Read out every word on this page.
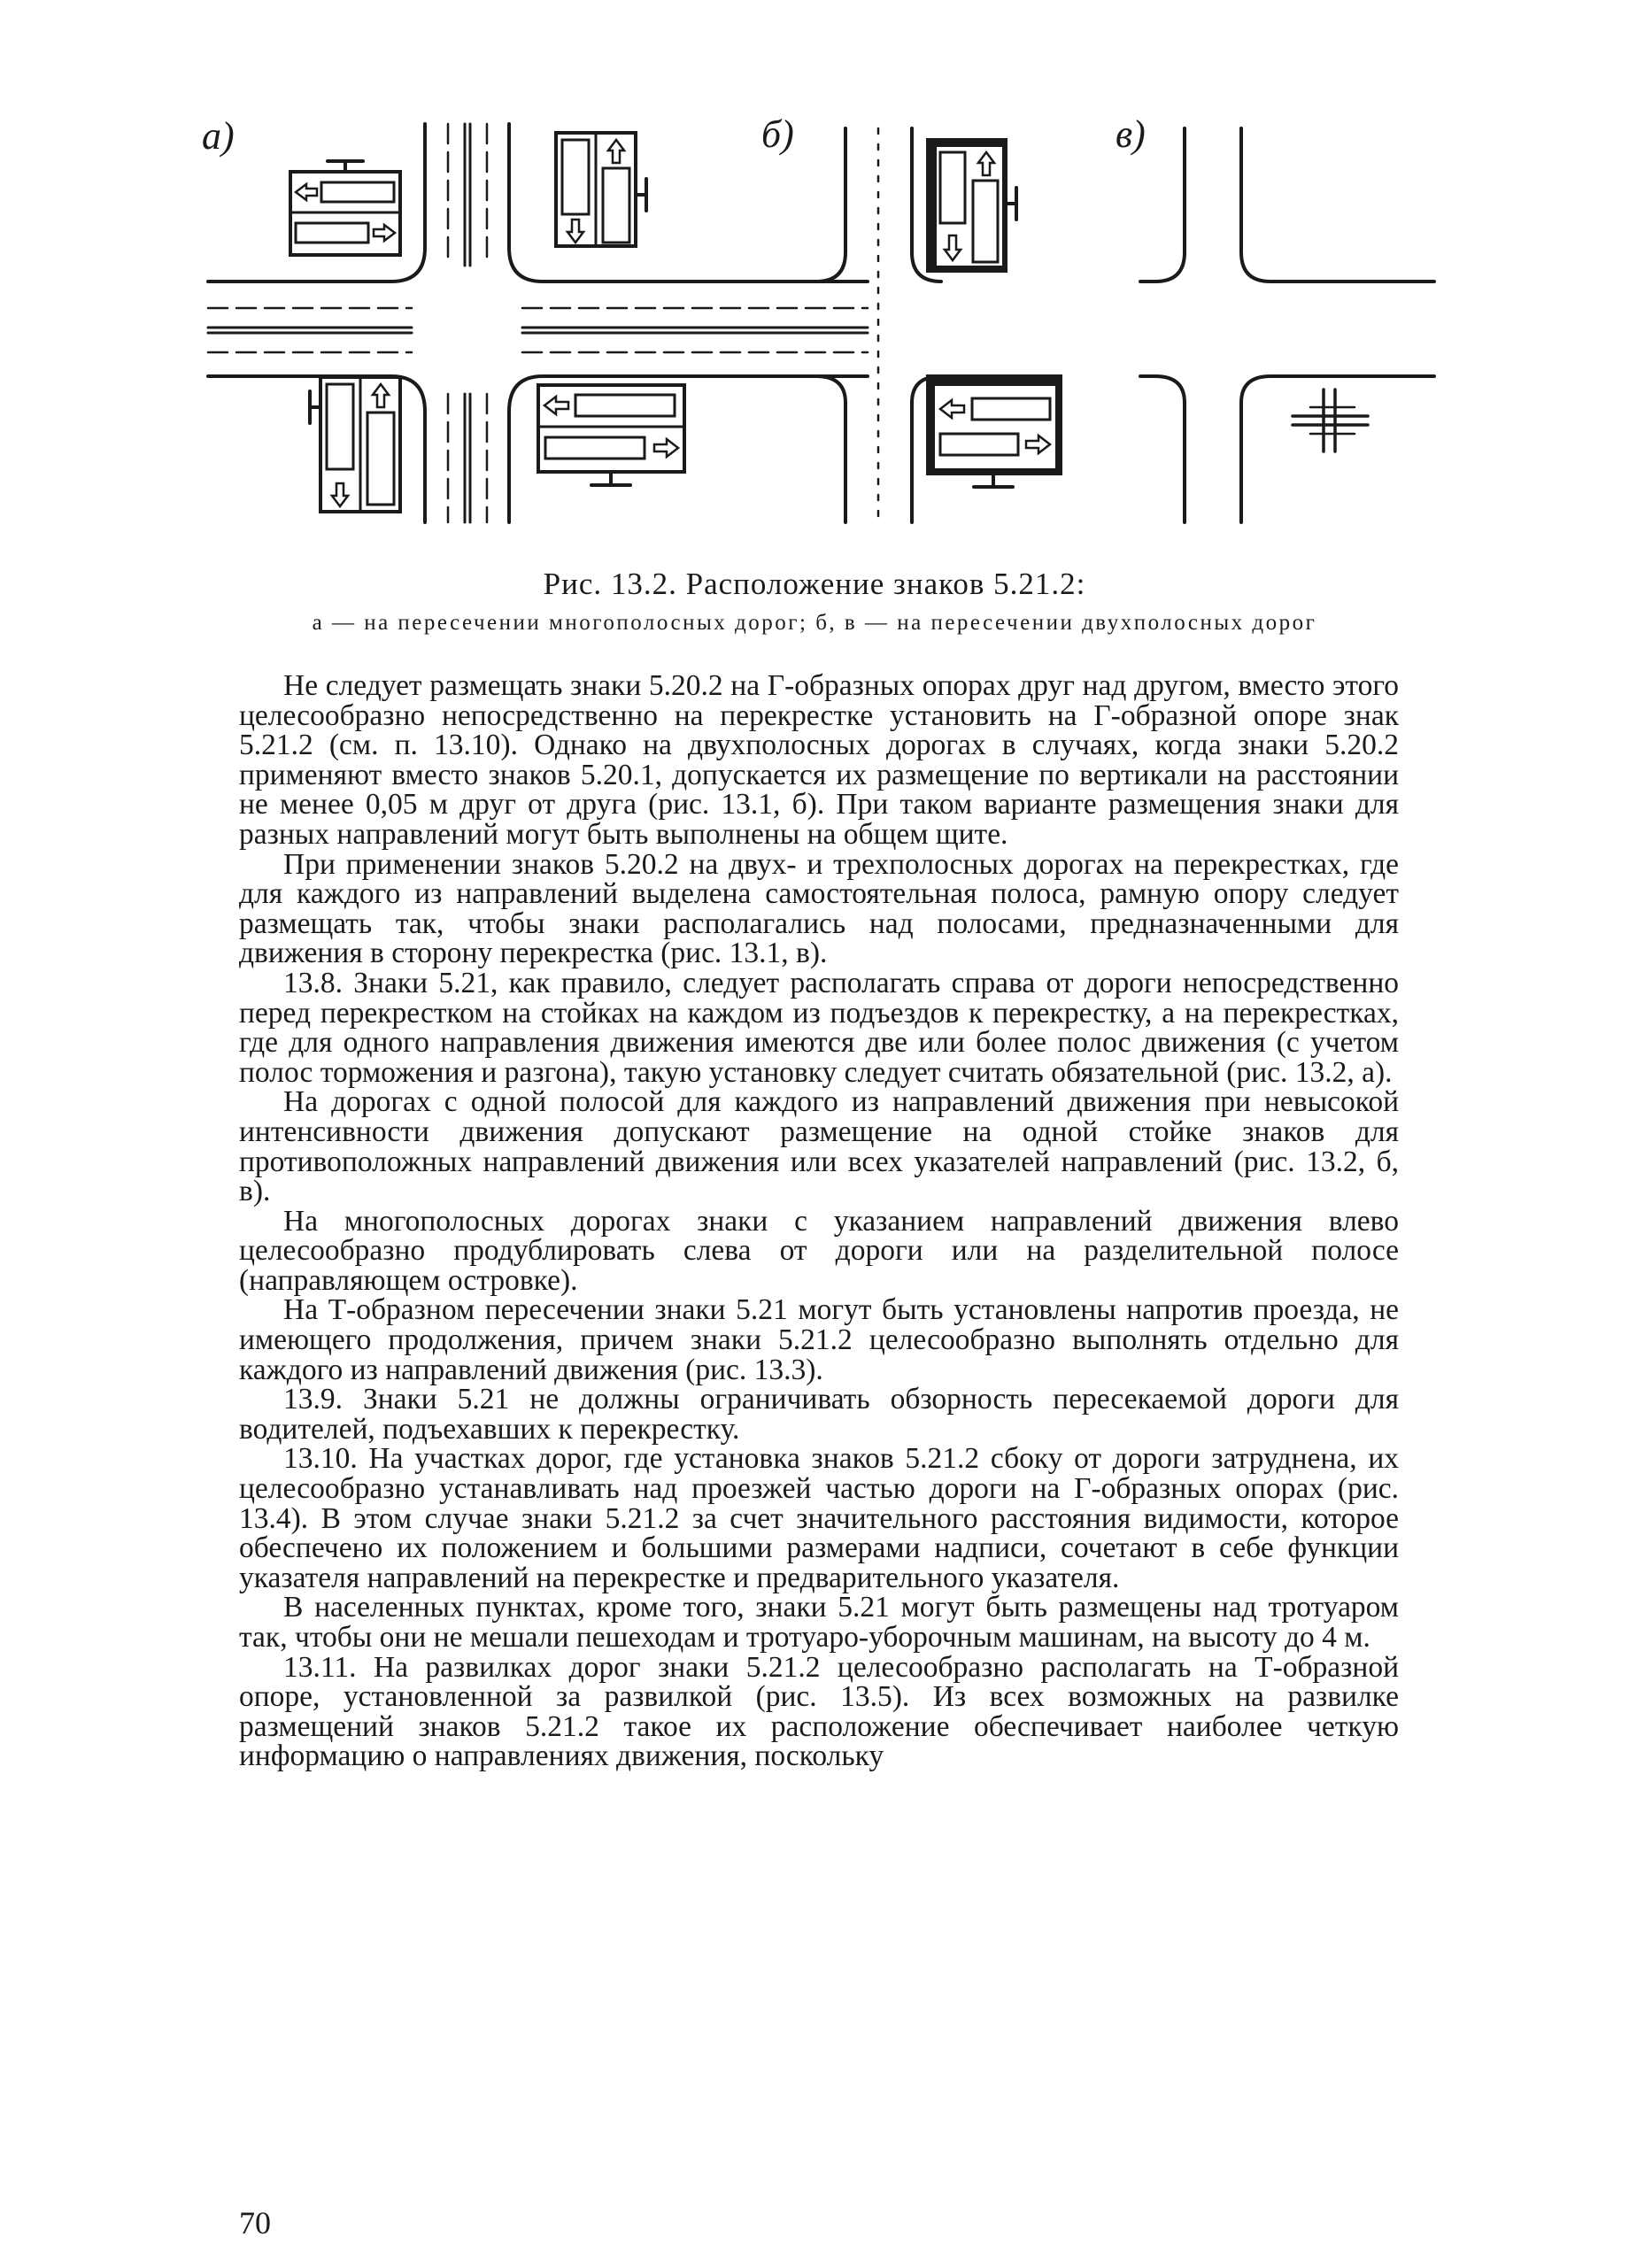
а)	б)	в)
Рис. 13.2. Расположение знаков 5.21.2:
а — на пересечении многополосных дорог; б, в — на пересечении двухполосных дорог

Не следует размещать знаки 5.20.2 на Г-образных опорах друг над другом, вместо этого целесообразно непосредственно на перекрестке установить на Г-образной опоре знак 5.21.2 (см. п. 13.10). Однако на двухполосных дорогах в случаях, когда знаки 5.20.2 применяют вместо знаков 5.20.1, допускается их размещение по вертикали на расстоянии не менее 0,05 м друг от друга (рис. 13.1, б). При таком варианте размещения знаки для разных направлений могут быть выполнены на общем щите.

При применении знаков 5.20.2 на двух- и трехполосных дорогах на перекрестках, где для каждого из направлений выделена самостоятельная полоса, рамную опору следует размещать так, чтобы знаки располагались над полосами, предназначенными для движения в сторону перекрестка (рис. 13.1, в).

13.8. Знаки 5.21, как правило, следует располагать справа от дороги непосредственно перед перекрестком на стойках на каждом из подъездов к перекрестку, а на перекрестках, где для одного направления движения имеются две или более полос движения (с учетом полос торможения и разгона), такую установку следует считать обязательной (рис. 13.2, а).

На дорогах с одной полосой для каждого из направлений движения при невысокой интенсивности движения допускают размещение на одной стойке знаков для противоположных направлений движения или всех указателей направлений (рис. 13.2, б, в).

На многополосных дорогах знаки с указанием направлений движения влево целесообразно продублировать слева от дороги или на разделительной полосе (направляющем островке).

На Т-образном пересечении знаки 5.21 могут быть установлены напротив проезда, не имеющего продолжения, причем знаки 5.21.2 целесообразно выполнять отдельно для каждого из направлений движения (рис. 13.3).

13.9. Знаки 5.21 не должны ограничивать обзорность пересекаемой дороги для водителей, подъехавших к перекрестку.

13.10. На участках дорог, где установка знаков 5.21.2 сбоку от дороги затруднена, их целесообразно устанавливать над проезжей частью дороги на Г-образных опорах (рис. 13.4). В этом случае знаки 5.21.2 за счет значительного расстояния видимости, которое обеспечено их положением и большими размерами надписи, сочетают в себе функции указателя направлений на перекрестке и предварительного указателя.

В населенных пунктах, кроме того, знаки 5.21 могут быть размещены над тротуаром так, чтобы они не мешали пешеходам и тротуаро-уборочным машинам, на высоту до 4 м.

13.11. На развилках дорог знаки 5.21.2 целесообразно располагать на Т-образной опоре, установленной за развилкой (рис. 13.5). Из всех возможных на развилке размещений знаков 5.21.2 такое их расположение обеспечивает наиболее четкую информацию о направлениях движения, поскольку

70
